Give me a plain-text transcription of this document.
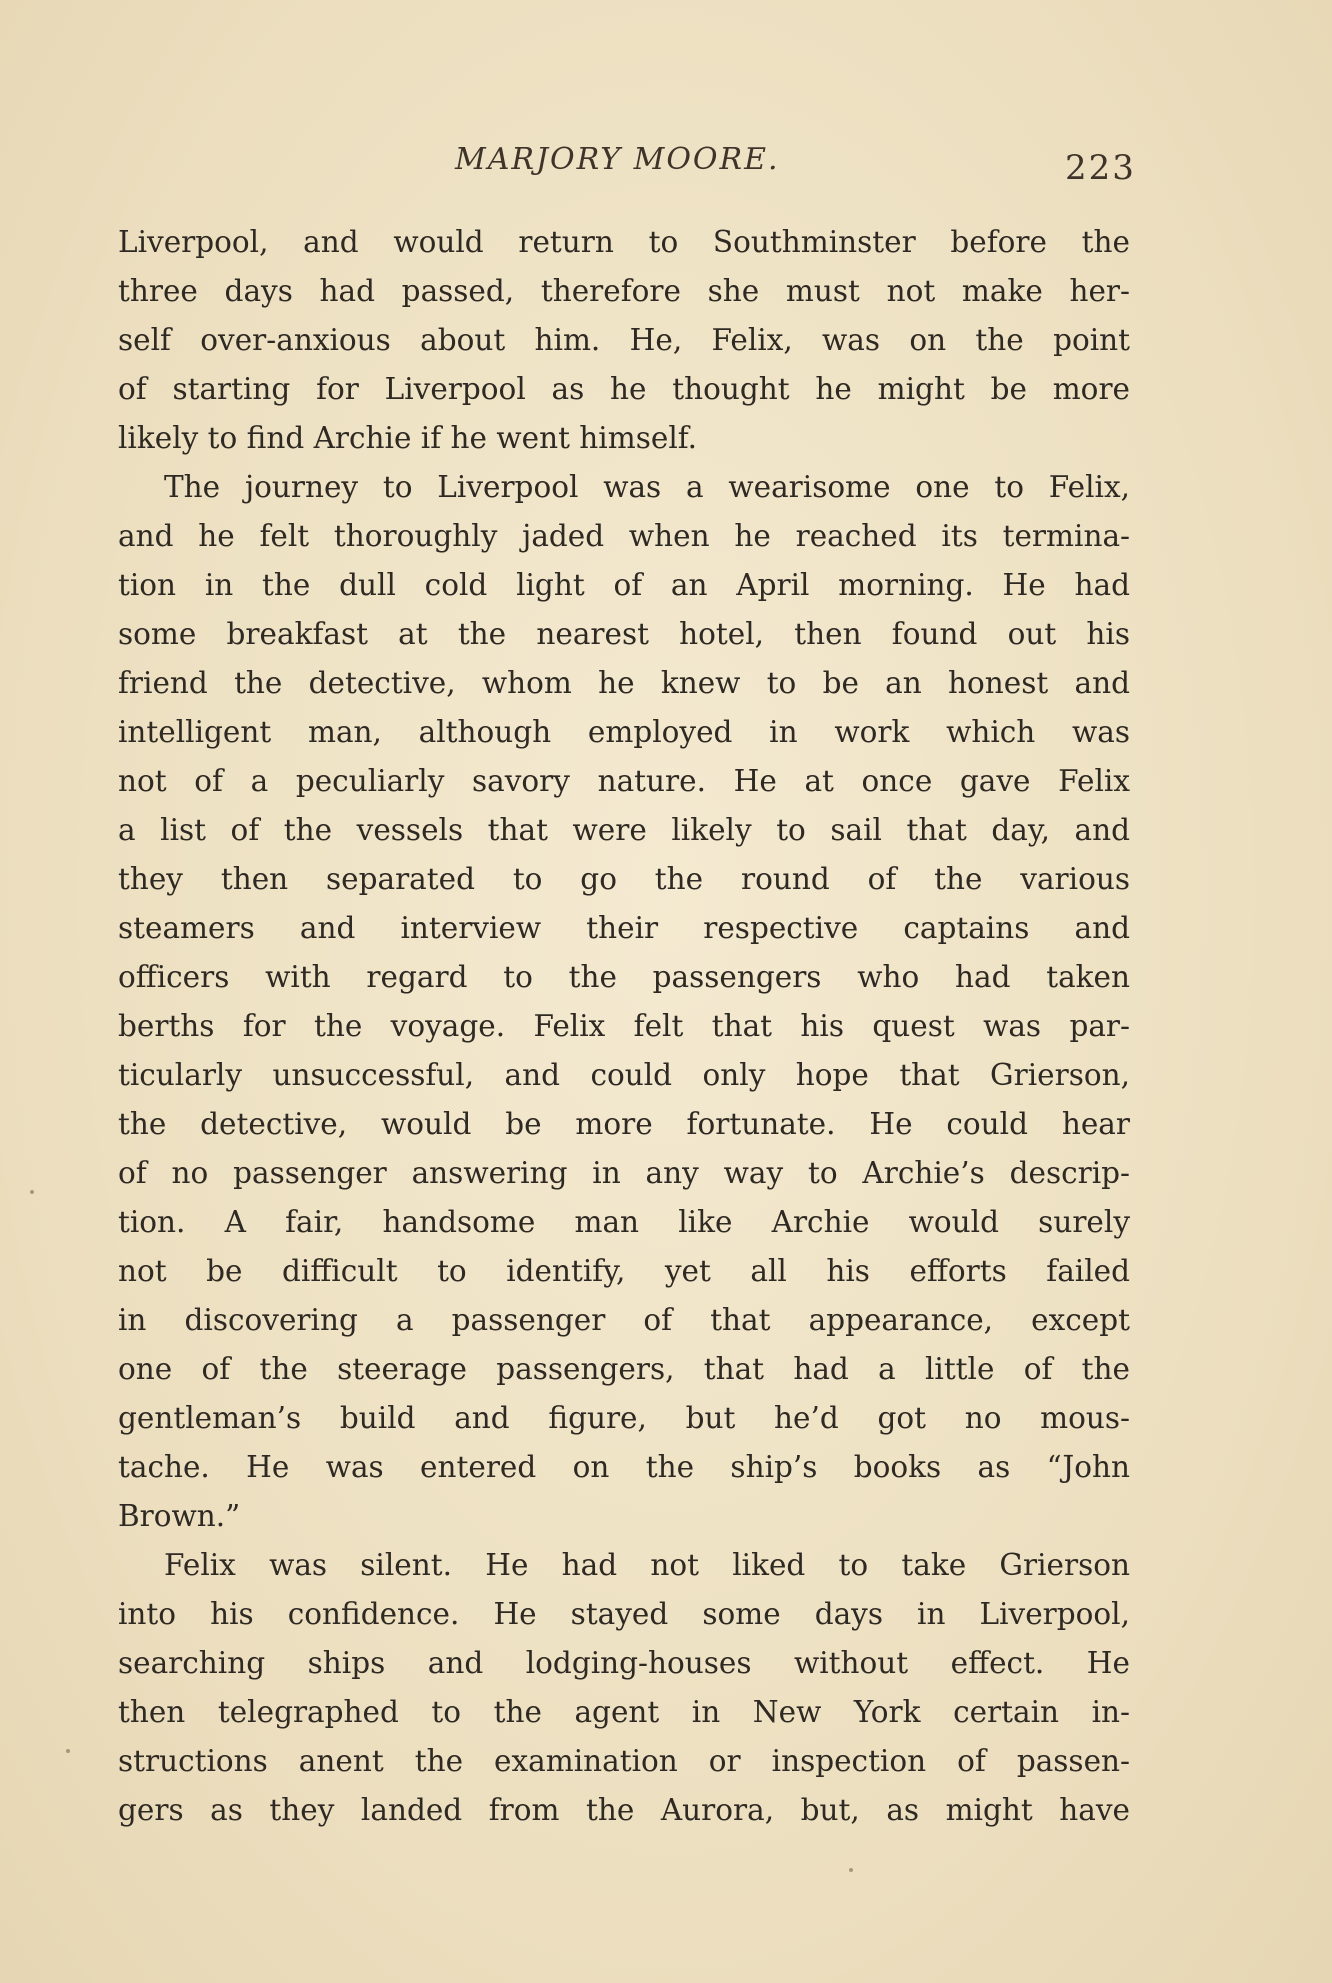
MARJORY MOORE.	223
Liverpool, and would return to Southminster before the
three days had passed, therefore she must not make her-
self over-anxious about him. He, Felix, was on the point
of starting for Liverpool as he thought he might be more
likely to find Archie if he went himself.
The journey to Liverpool was a wearisome one to Felix,
and he felt thoroughly jaded when he reached its termina-
tion in the dull cold light of an April morning. He had
some breakfast at the nearest hotel, then found out his
friend the detective, whom he knew to be an honest and
intelligent man, although employed in work which was
not of a peculiarly savory nature. He at once gave Felix
a list of the vessels that were likely to sail that day, and
they then separated to go the round of the various
steamers and interview their respective captains and
officers with regard to the passengers who had taken
berths for the voyage. Felix felt that his quest was par-
ticularly unsuccessful, and could only hope that Grierson,
the detective, would be more fortunate. He could hear
of no passenger answering in any way to Archie’s descrip-
tion. A fair, handsome man like Archie would surely
not be difficult to identify, yet all his efforts failed
in discovering a passenger of that appearance, except
one of the steerage passengers, that had a little of the
gentleman’s build and figure, but he’d got no mous-
tache. He was entered on the ship’s books as “John
Brown.”
Felix was silent. He had not liked to take Grierson
into his confidence. He stayed some days in Liverpool,
searching ships and lodging-houses without effect. He
then telegraphed to the agent in New York certain in-
structions anent the examination or inspection of passen-
gers as they landed from the Aurora, but, as might have
